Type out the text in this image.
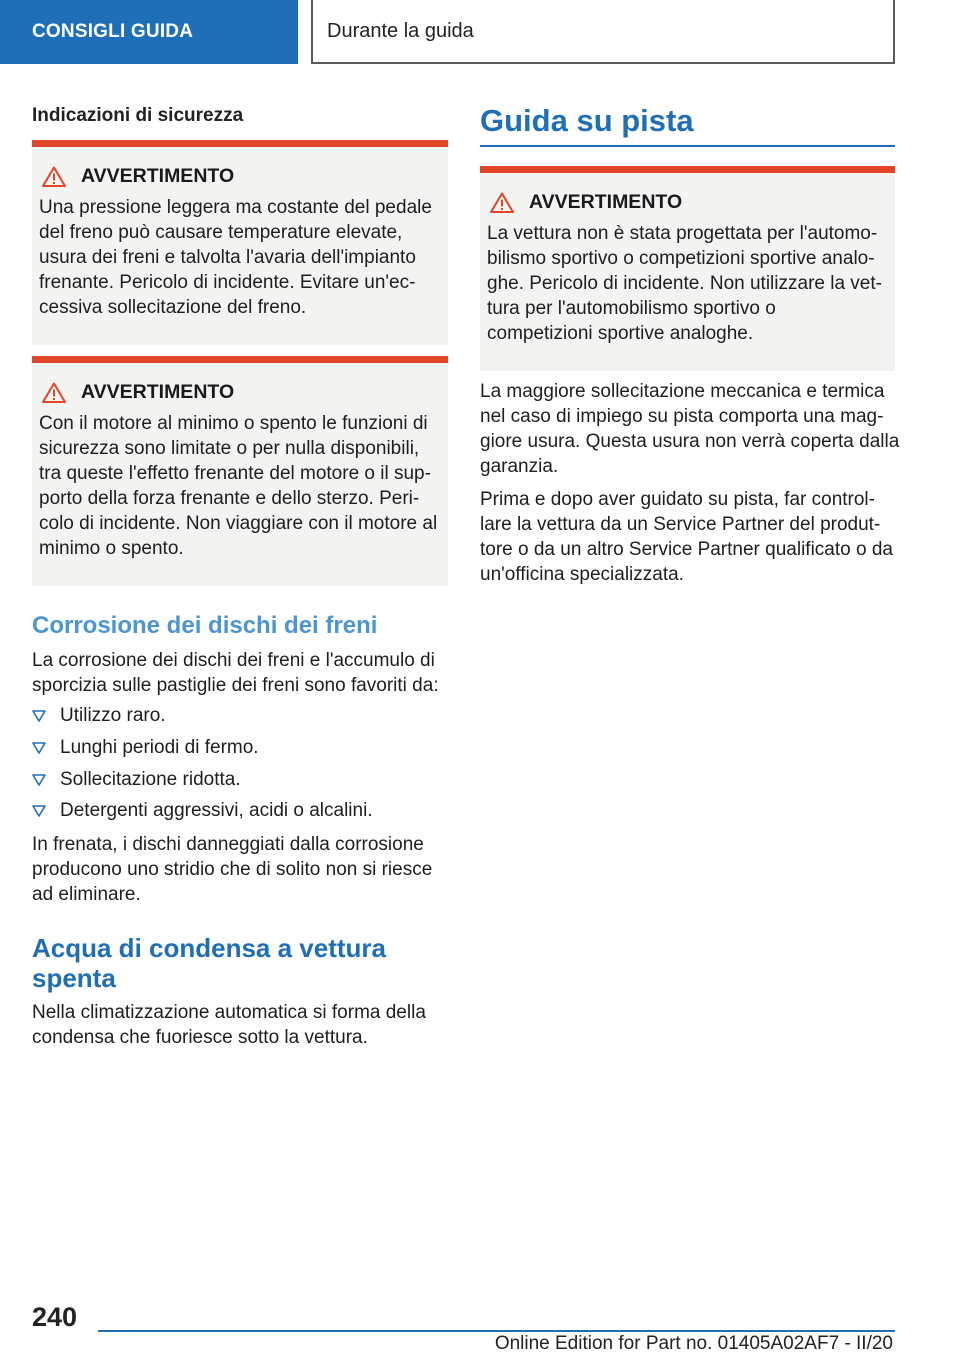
CONSIGLI GUIDA	Durante la guida
Indicazioni di sicurezza
AVVERTIMENTO
Una pressione leggera ma costante del pedale
del freno può causare temperature elevate,
usura dei freni e talvolta l'avaria dell'impianto
frenante. Pericolo di incidente. Evitare un'ec-
cessiva sollecitazione del freno.
AVVERTIMENTO
Con il motore al minimo o spento le funzioni di
sicurezza sono limitate o per nulla disponibili,
tra queste l'effetto frenante del motore o il sup-
porto della forza frenante e dello sterzo. Peri-
colo di incidente. Non viaggiare con il motore al
minimo o spento.
Corrosione dei dischi dei freni
La corrosione dei dischi dei freni e l'accumulo di
sporcizia sulle pastiglie dei freni sono favoriti da:
Utilizzo raro.
Lunghi periodi di fermo.
Sollecitazione ridotta.
Detergenti aggressivi, acidi o alcalini.
In frenata, i dischi danneggiati dalla corrosione
producono uno stridio che di solito non si riesce
ad eliminare.
Acqua di condensa a vettura
spenta
Nella climatizzazione automatica si forma della
condensa che fuoriesce sotto la vettura.
Guida su pista
AVVERTIMENTO
La vettura non è stata progettata per l'automo-
bilismo sportivo o competizioni sportive analo-
ghe. Pericolo di incidente. Non utilizzare la vet-
tura per l'automobilismo sportivo o
competizioni sportive analoghe.
La maggiore sollecitazione meccanica e termica
nel caso di impiego su pista comporta una mag-
giore usura. Questa usura non verrà coperta dalla
garanzia.
Prima e dopo aver guidato su pista, far control-
lare la vettura da un Service Partner del produt-
tore o da un altro Service Partner qualificato o da
un'officina specializzata.
240
Online Edition for Part no. 01405A02AF7 - II/20
